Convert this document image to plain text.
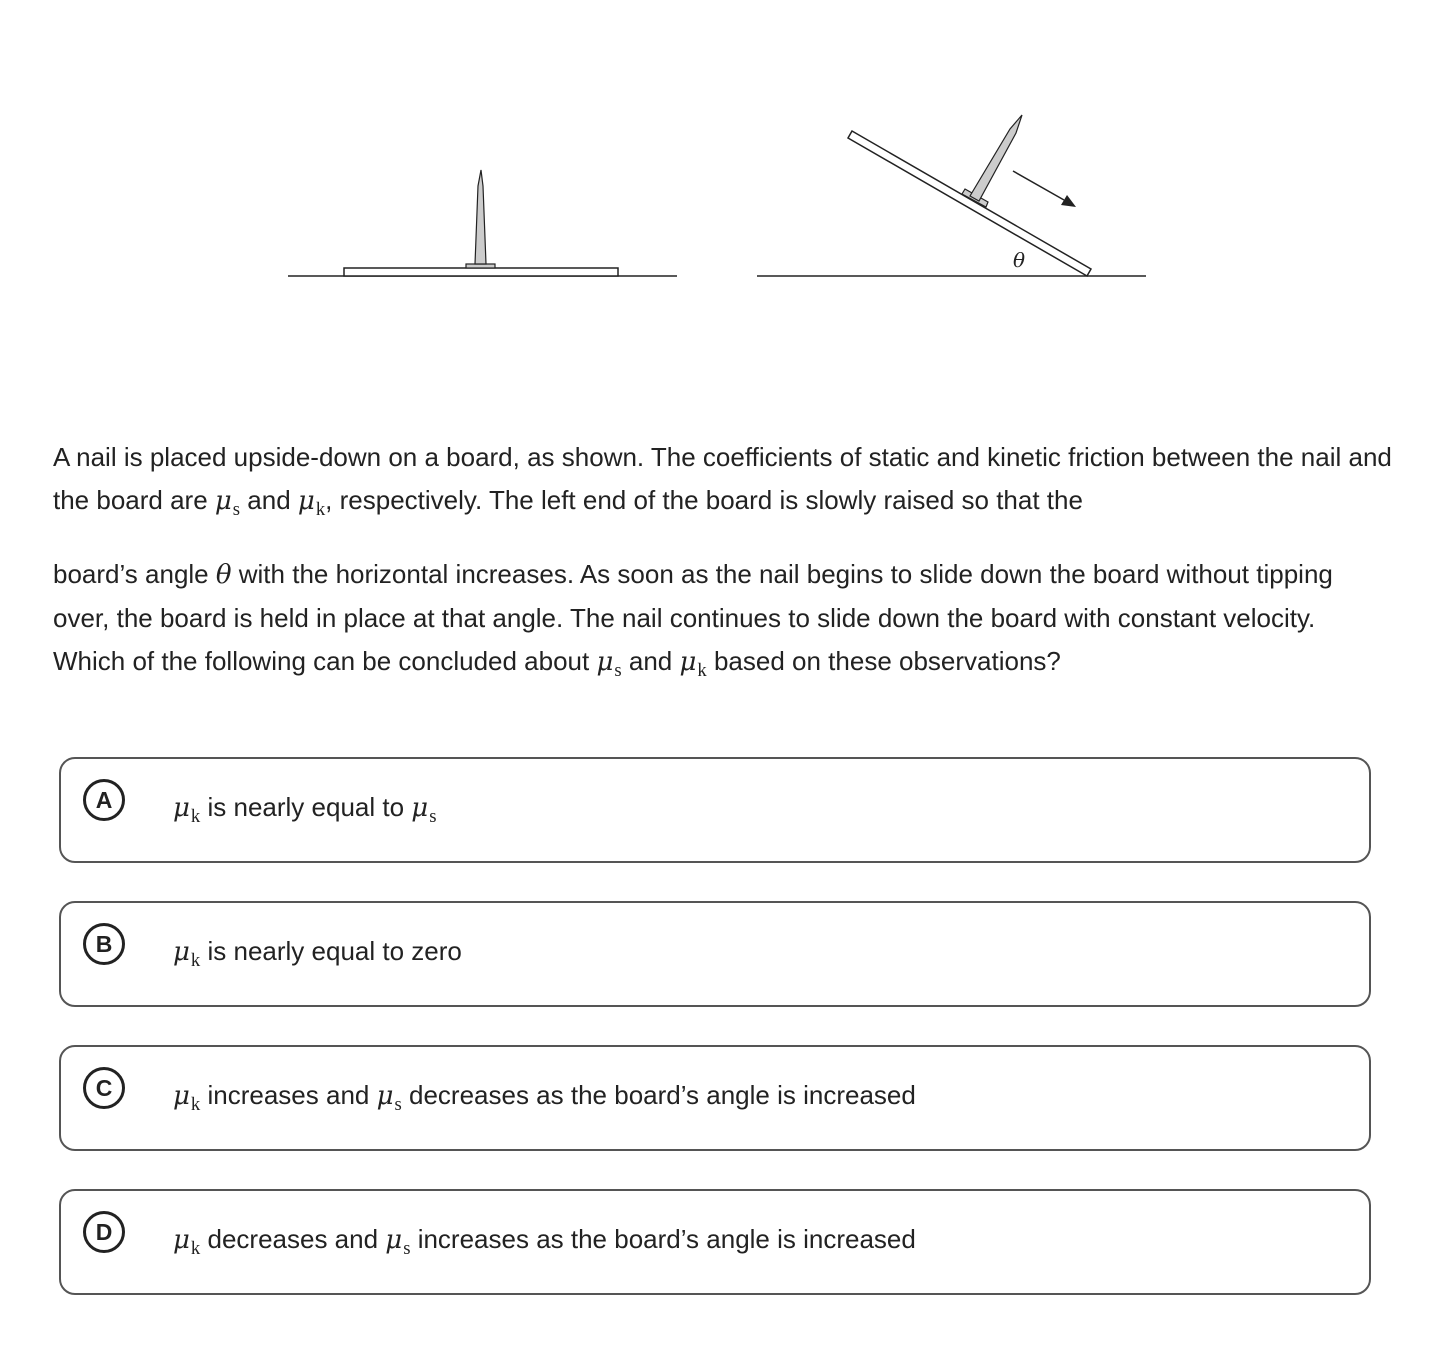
θ

A nail is placed upside-down on a board, as shown. The coefficients of static and kinetic friction between the nail and the board are $\mu_s$ and $\mu_k$, respectively. The left end of the board is slowly raised so that the

board’s angle θ with the horizontal increases. As soon as the nail begins to slide down the board without tipping over, the board is held in place at that angle. The nail continues to slide down the board with constant velocity. Which of the following can be concluded about $\mu_s$ and $\mu_k$ based on these observations?

A	$\mu_k$ is nearly equal to $\mu_s$
B	$\mu_k$ is nearly equal to zero
C	$\mu_k$ increases and $\mu_s$ decreases as the board’s angle is increased
D	$\mu_k$ decreases and $\mu_s$ increases as the board’s angle is increased
